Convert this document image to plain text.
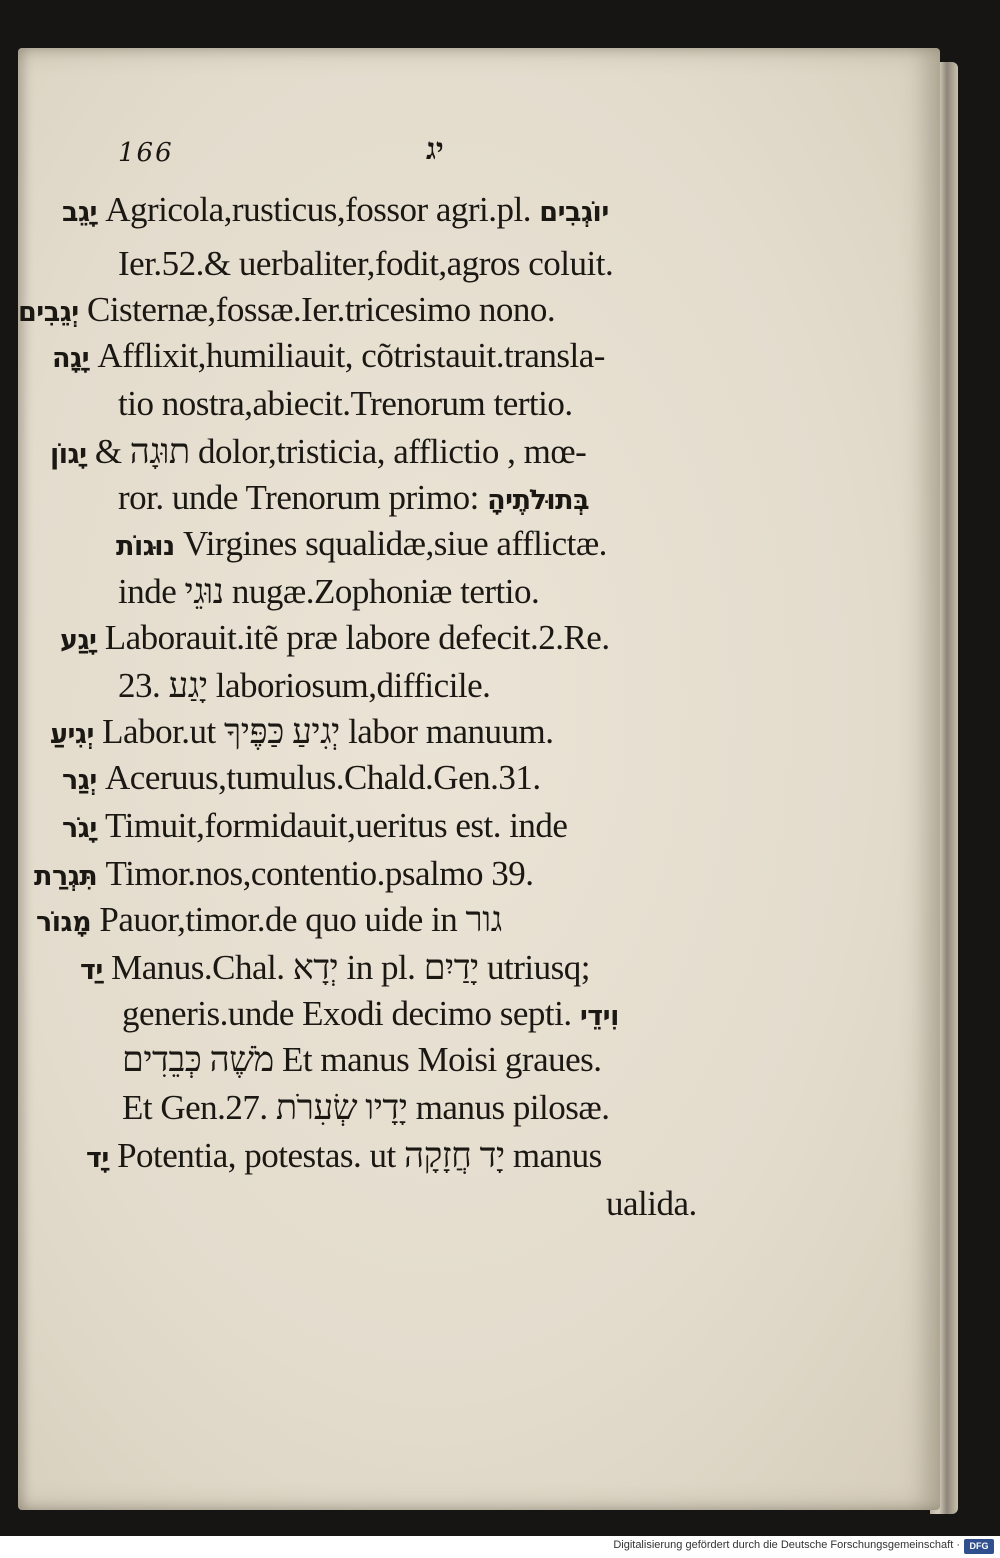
166	יג
יָגֵב Agricola,rusticus,fossor agri.pl. יוֹגְבִים
Ier.52.& uerbaliter,fodit,agros coluit.
יְגֵבִים Cisternæ,fossæ.Ier.tricesimo nono.
יָגָה Afflixit,humiliauit, cõtristauit.transla-
tio nostra,abiecit.Trenorum tertio.
יָגוֹן & תוּגָה dolor,tristicia, afflictio , mœ-
ror. unde Trenorum primo: בְּתוּלֹתֶיהָ
נוּגוֹת Virgines squalidæ,siue afflictæ.
inde נוּגֵי nugæ.Zophoniæ tertio.
יָגַע Laborauit.itẽ præ labore defecit.2.Re.
23. יָגַע laboriosum,difficile.
יְגִיעַ Labor.ut יְגִיעַ כַּפֶּיךָ labor manuum.
יְגַר Aceruus,tumulus.Chald.Gen.31.
יָגֹר Timuit,formidauit,ueritus est. inde
תִּגְרַת Timor.nos,contentio.psalmo 39.
מָגוֹר Pauor,timor.de quo uide in גור
יַד Manus.Chal. יְדָא in pl. יָדַיִם utriusq;
generis.unde Exodi decimo septi. וִידֵי
מֹשֶׁה כְּבֵדִים Et manus Moisi graues.
Et Gen.27. יָדָיו שְׂעִרֹת manus pilosæ.
יָד Potentia, potestas. ut יָד חֲזָקָה manus
ualida.
Digitalisierung gefördert durch die Deutsche Forschungsgemeinschaft ·	DFG
